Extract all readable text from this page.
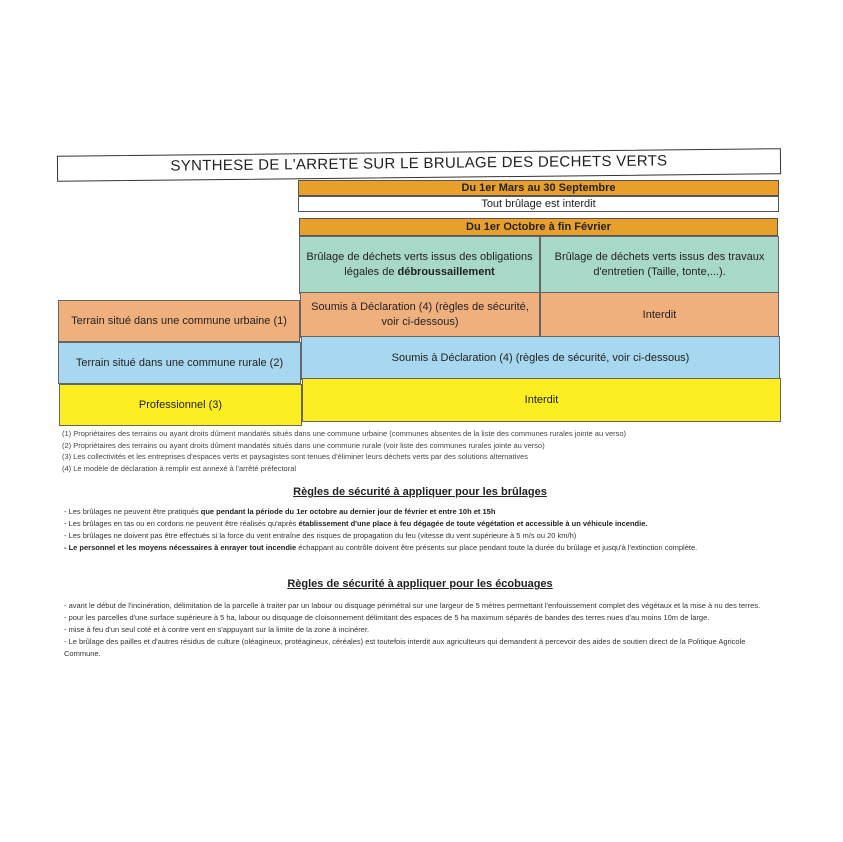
SYNTHESE DE L'ARRETE SUR LE BRULAGE DES DECHETS VERTS
Du 1er Mars au 30 Septembre
Tout brûlage est interdit
Du 1er Octobre à fin Février
Brûlage de déchets verts issus des obligations légales de débroussaillement
Brûlage de déchets verts issus des travaux d'entretien (Taille, tonte,...).
Terrain situé dans une commune urbaine (1)
Soumis à Déclaration (4) (règles de sécurité, voir ci-dessous)
Interdit
Terrain situé dans une commune rurale (2)	Soumis à Déclaration (4) (règles de sécurité, voir ci-dessous)
Professionnel (3)	Interdit
(1) Propriétaires des terrains ou ayant droits dûment mandatés situés dans une commune urbaine (communes absentes de la liste des communes rurales jointe au verso)
(2) Propriétaires des terrains ou ayant droits dûment mandatés situés dans une commune rurale (voir liste des communes rurales jointe au verso)
(3) Les collectivités et les entreprises d'espaces verts et paysagistes sont tenues d'éliminer leurs déchets verts par des solutions alternatives
(4) Le modèle de déclaration à remplir est annexé à l'arrêté préfectoral
Règles de sécurité à appliquer pour les brûlages
- Les brûlages ne peuvent être pratiqués que pendant la période du 1er octobre au dernier jour de février et entre 10h et 15h
- Les brûlages en tas ou en cordons ne peuvent être réalisés qu'après établissement d'une place à feu dégagée de toute végétation et accessible à un véhicule incendie.
- Les brûlages ne doivent pas être effectués si la force du vent entraîne des risques de propagation du feu (vitesse du vent supérieure à 5 m/s ou 20 km/h)
- Le personnel et les moyens nécessaires à enrayer tout incendie échappant au contrôle doivent être présents sur place pendant toute la durée du brûlage et jusqu'à l'extinction complète.
Règles de sécurité à appliquer pour les écobuages
- avant le début de l'incinération, délimitation de la parcelle à traiter par un labour ou disquage périmétral sur une largeur de 5 mètres permettant l'enfouissement complet des végétaux et la mise à nu des terres.
- pour les parcelles d'une surface supérieure à 5 ha, labour ou disquage de cloisonnement délimitant des espaces de 5 ha maximum séparés de bandes des terres nues d'au moins 10m de large.
- mise à feu d'un seul coté et à contre vent en s'appuyant sur la limite de la zone à incinérer.
- Le brûlage des pailles et d'autres résidus de culture (oléagineux, protéagineux, céréales) est toutefois interdit aux agriculteurs qui demandent à percevoir des aides de soutien direct de la Politique Agricole Commune.
